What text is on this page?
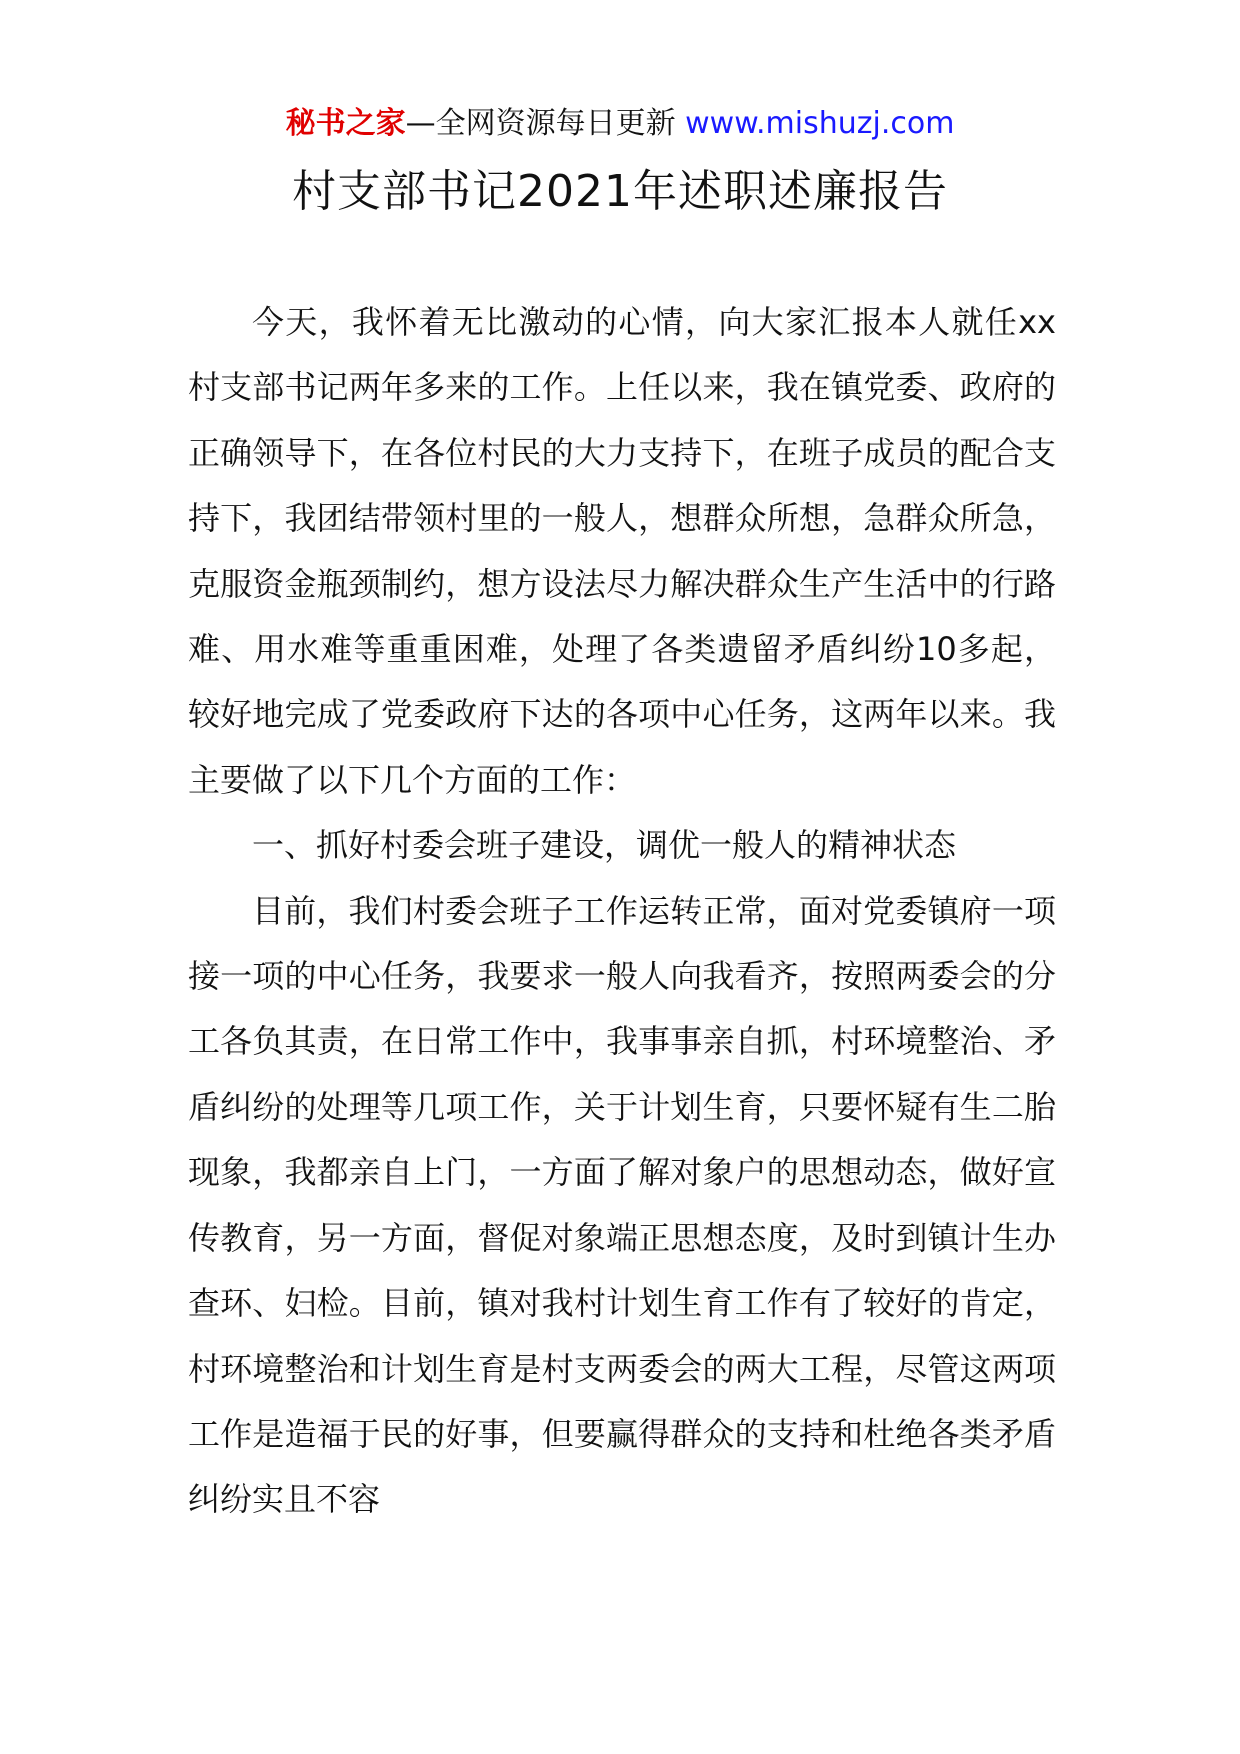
秘书之家—全网资源每日更新 www.mishuzj.com
村支部书记2021年述职述廉报告

今天，我怀着无比激动的心情，向大家汇报本人就任xx村支部书记两年多来的工作。上任以来，我在镇党委、政府的正确领导下，在各位村民的大力支持下，在班子成员的配合支持下，我团结带领村里的一般人，想群众所想，急群众所急，克服资金瓶颈制约，想方设法尽力解决群众生产生活中的行路难、用水难等重重困难，处理了各类遗留矛盾纠纷10多起，较好地完成了党委政府下达的各项中心任务，这两年以来。我主要做了以下几个方面的工作：

一、抓好村委会班子建设，调优一般人的精神状态

目前，我们村委会班子工作运转正常，面对党委镇府一项接一项的中心任务，我要求一般人向我看齐，按照两委会的分工各负其责，在日常工作中，我事事亲自抓，村环境整治、矛盾纠纷的处理等几项工作，关于计划生育，只要怀疑有生二胎现象，我都亲自上门，一方面了解对象户的思想动态，做好宣传教育，另一方面，督促对象端正思想态度，及时到镇计生办查环、妇检。目前，镇对我村计划生育工作有了较好的肯定，村环境整治和计划生育是村支两委会的两大工程，尽管这两项工作是造福于民的好事，但要赢得群众的支持和杜绝各类矛盾纠纷实且不容
